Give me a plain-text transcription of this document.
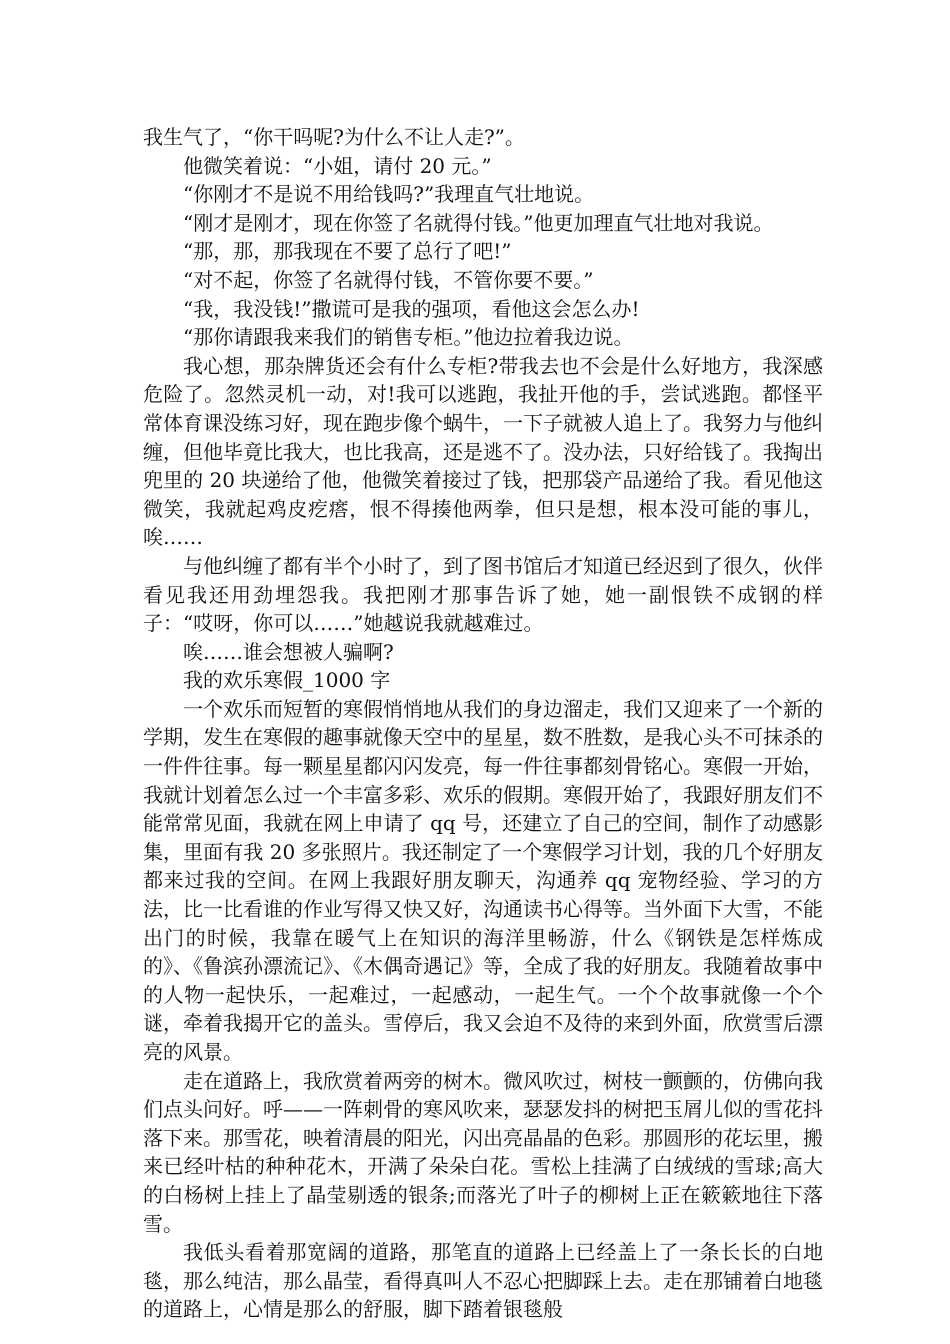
我生气了，“你干吗呢?为什么不让人走?”。

他微笑着说：“小姐，请付 20 元。”

“你刚才不是说不用给钱吗?”我理直气壮地说。

“刚才是刚才，现在你签了名就得付钱。”他更加理直气壮地对我说。

“那，那，那我现在不要了总行了吧!”

“对不起，你签了名就得付钱，不管你要不要。”

“我，我没钱!”撒谎可是我的强项，看他这会怎么办!

“那你请跟我来我们的销售专柜。”他边拉着我边说。

我心想，那杂牌货还会有什么专柜?带我去也不会是什么好地方，我深感危险了。忽然灵机一动，对!我可以逃跑，我扯开他的手，尝试逃跑。都怪平常体育课没练习好，现在跑步像个蜗牛，一下子就被人追上了。我努力与他纠缠，但他毕竟比我大，也比我高，还是逃不了。没办法，只好给钱了。我掏出兜里的 20 块递给了他，他微笑着接过了钱，把那袋产品递给了我。看见他这微笑，我就起鸡皮疙瘩，恨不得揍他两拳，但只是想，根本没可能的事儿，唉……

与他纠缠了都有半个小时了，到了图书馆后才知道已经迟到了很久，伙伴看见我还用劲埋怨我。我把刚才那事告诉了她，她一副恨铁不成钢的样子：“哎呀，你可以……”她越说我就越难过。

唉……谁会想被人骗啊?

我的欢乐寒假_1000 字

一个欢乐而短暂的寒假悄悄地从我们的身边溜走，我们又迎来了一个新的学期，发生在寒假的趣事就像天空中的星星，数不胜数，是我心头不可抹杀的一件件往事。每一颗星星都闪闪发亮，每一件往事都刻骨铭心。寒假一开始，我就计划着怎么过一个丰富多彩、欢乐的假期。寒假开始了，我跟好朋友们不能常常见面，我就在网上申请了 qq 号，还建立了自己的空间，制作了动感影集，里面有我 20 多张照片。我还制定了一个寒假学习计划，我的几个好朋友都来过我的空间。在网上我跟好朋友聊天，沟通养 qq 宠物经验、学习的方法，比一比看谁的作业写得又快又好，沟通读书心得等。当外面下大雪，不能出门的时候，我靠在暖气上在知识的海洋里畅游，什么《钢铁是怎样炼成的》、《鲁滨孙漂流记》、《木偶奇遇记》等，全成了我的好朋友。我随着故事中的人物一起快乐，一起难过，一起感动，一起生气。一个个故事就像一个个谜，牵着我揭开它的盖头。雪停后，我又会迫不及待的来到外面，欣赏雪后漂亮的风景。

走在道路上，我欣赏着两旁的树木。微风吹过，树枝一颤颤的，仿佛向我们点头问好。呼——一阵刺骨的寒风吹来，瑟瑟发抖的树把玉屑儿似的雪花抖落下来。那雪花，映着清晨的阳光，闪出亮晶晶的色彩。那圆形的花坛里，搬来已经叶枯的种种花木，开满了朵朵白花。雪松上挂满了白绒绒的雪球;高大的白杨树上挂上了晶莹剔透的银条;而落光了叶子的柳树上正在簌簌地往下落雪。

我低头看着那宽阔的道路，那笔直的道路上已经盖上了一条长长的白地毯，那么纯洁，那么晶莹，看得真叫人不忍心把脚踩上去。走在那铺着白地毯的道路上，心情是那么的舒服，脚下踏着银毯般
